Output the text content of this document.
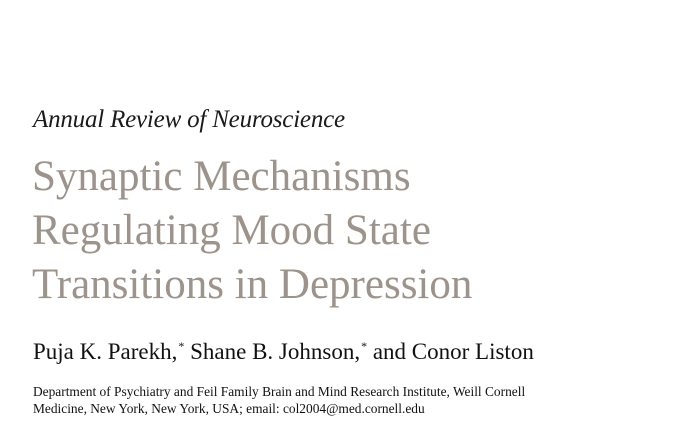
Annual Review of Neuroscience
Synaptic Mechanisms
Regulating Mood State
Transitions in Depression
Puja K. Parekh,* Shane B. Johnson,* and Conor Liston
Department of Psychiatry and Feil Family Brain and Mind Research Institute, Weill Cornell
Medicine, New York, New York, USA; email: col2004@med.cornell.edu
